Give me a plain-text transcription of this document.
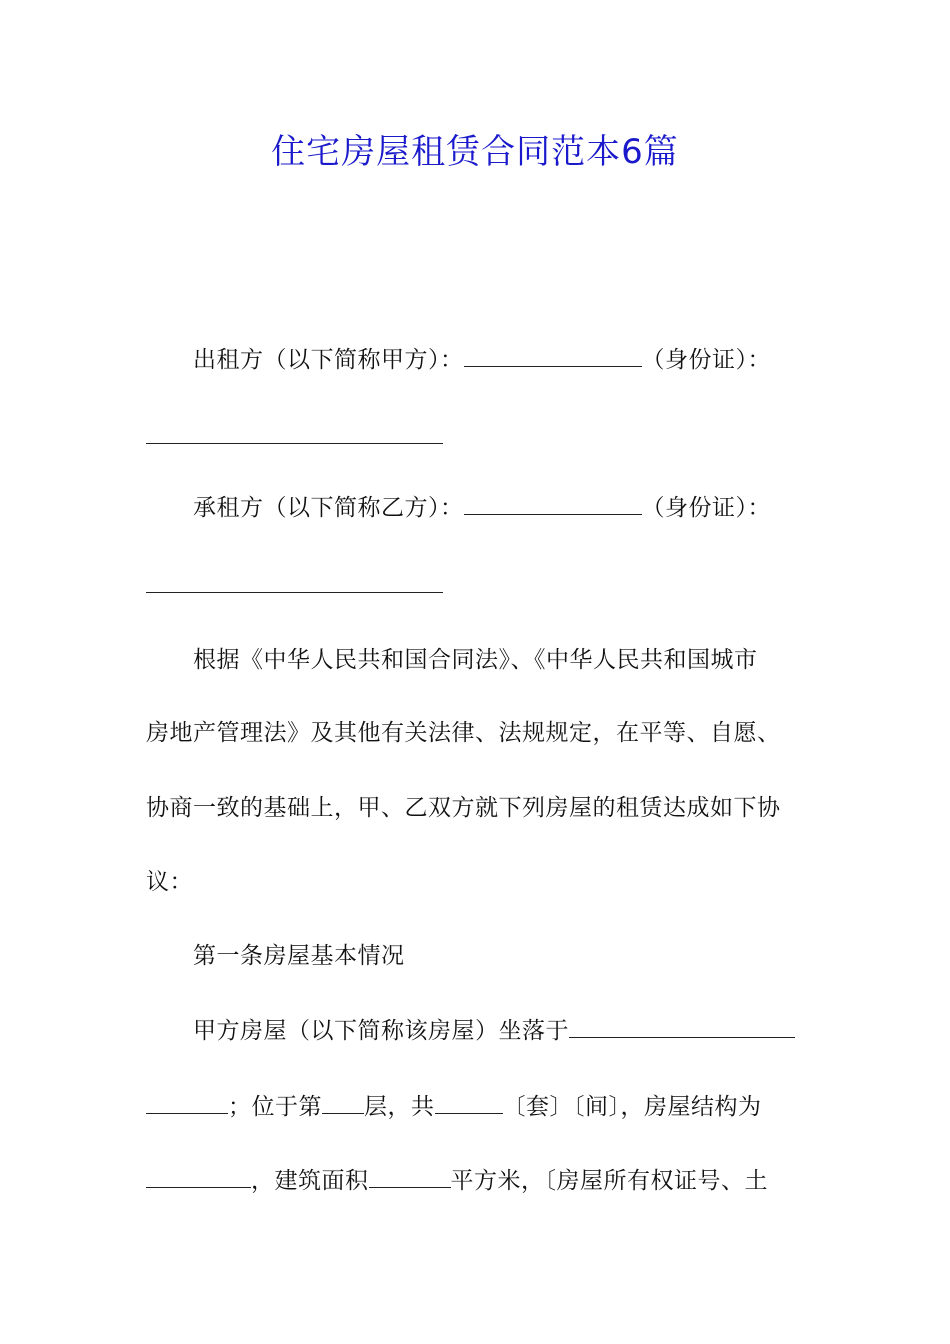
住宅房屋租赁合同范本6篇
出租方（以下简称甲方）：	（身份证）：
承租方（以下简称乙方）：	（身份证）：
根据《中华人民共和国合同法》、《中华人民共和国城市
房地产管理法》及其他有关法律、法规规定，在平等、自愿、
协商一致的基础上，甲、乙双方就下列房屋的租赁达成如下协
议：
第一条房屋基本情况
甲方房屋（以下简称该房屋）坐落于
；位于第 层，共	〔套〕〔间〕，房屋结构为
，建筑面积	平方米，〔房屋所有权证号、土
